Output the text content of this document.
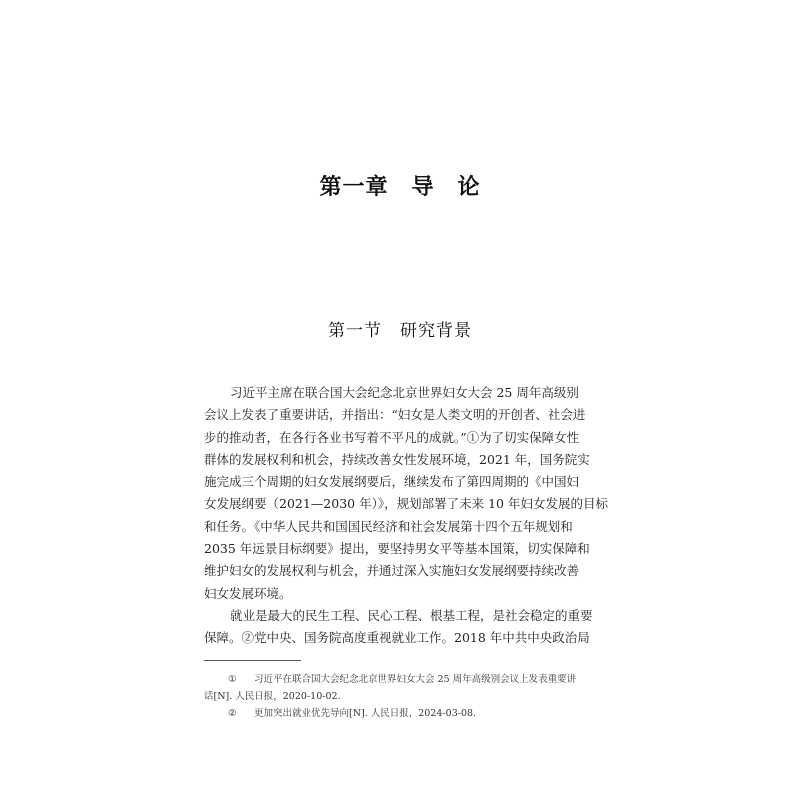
第一章　导　论
第一节　研究背景
习近平主席在联合国大会纪念北京世界妇女大会 25 周年高级别
会议上发表了重要讲话，并指出：“妇女是人类文明的开创者、社会进
步的推动者，在各行各业书写着不平凡的成就。”①为了切实保障女性
群体的发展权利和机会，持续改善女性发展环境，2021 年，国务院实
施完成三个周期的妇女发展纲要后，继续发布了第四周期的《中国妇
女发展纲要（2021—2030 年）》，规划部署了未来 10 年妇女发展的目标
和任务。《中华人民共和国国民经济和社会发展第十四个五年规划和
2035 年远景目标纲要》提出，要坚持男女平等基本国策，切实保障和
维护妇女的发展权利与机会，并通过深入实施妇女发展纲要持续改善
妇女发展环境。
就业是最大的民生工程、民心工程、根基工程，是社会稳定的重要
保障。②党中央、国务院高度重视就业工作。2018 年中共中央政治局
① 习近平在联合国大会纪念北京世界妇女大会 25 周年高级别会议上发表重要讲
话[N]. 人民日报，2020-10-02.
② 更加突出就业优先导向[N]. 人民日报，2024-03-08.
